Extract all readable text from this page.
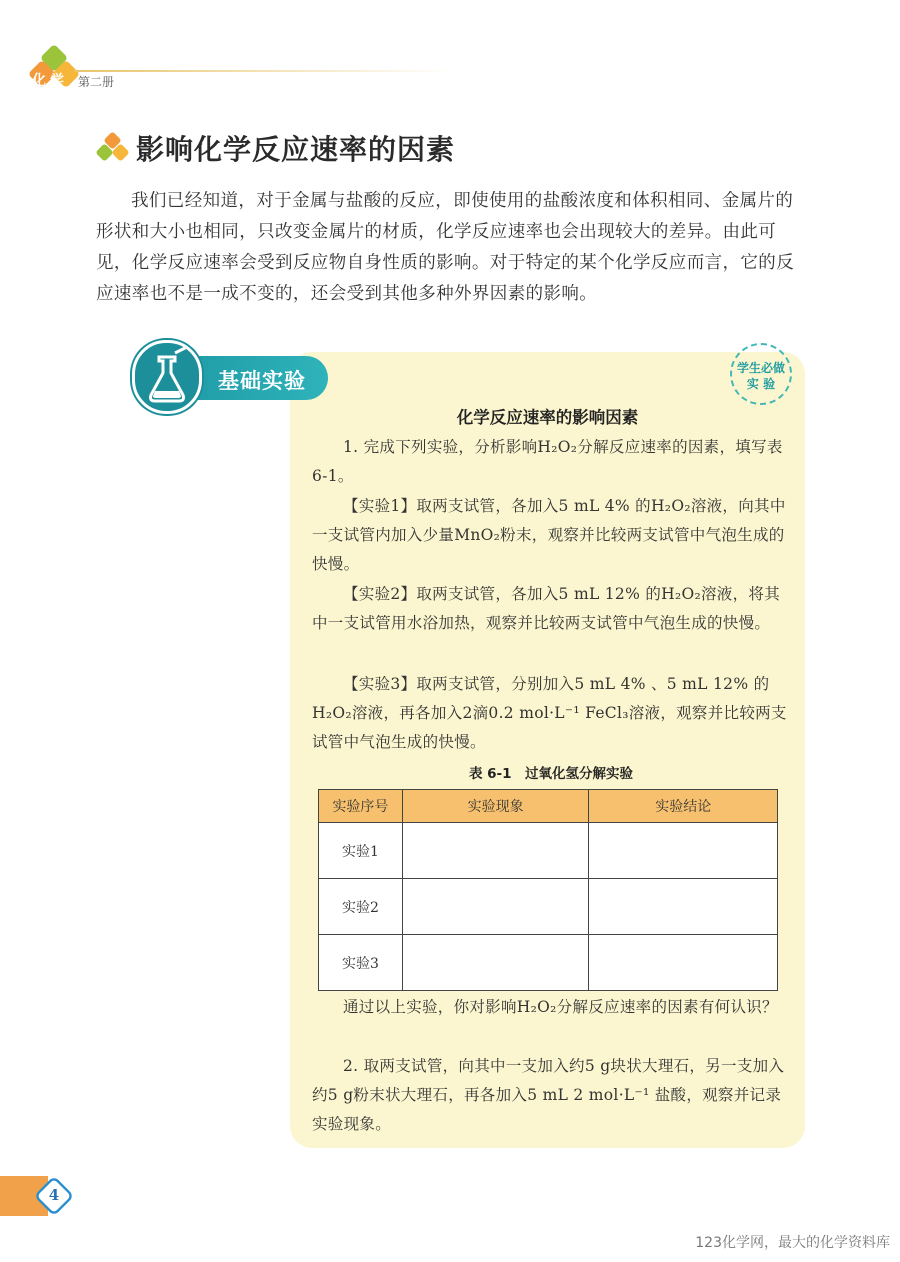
化学 第二册
影响化学反应速率的因素
我们已经知道，对于金属与盐酸的反应，即使使用的盐酸浓度和体积相同、金属片的形状和大小也相同，只改变金属片的材质，化学反应速率也会出现较大的差异。由此可见，化学反应速率会受到反应物自身性质的影响。对于特定的某个化学反应而言，它的反应速率也不是一成不变的，还会受到其他多种外界因素的影响。
基础实验
学生必做
实 验
化学反应速率的影响因素
1. 完成下列实验，分析影响H₂O₂分解反应速率的因素，填写表6-1。
【实验1】取两支试管，各加入5 mL 4% 的H₂O₂溶液，向其中一支试管内加入少量MnO₂粉末，观察并比较两支试管中气泡生成的快慢。
【实验2】取两支试管，各加入5 mL 12% 的H₂O₂溶液，将其中一支试管用水浴加热，观察并比较两支试管中气泡生成的快慢。
【实验3】取两支试管，分别加入5 mL 4% 、5 mL 12% 的H₂O₂溶液，再各加入2滴0.2 mol·L⁻¹ FeCl₃溶液，观察并比较两支试管中气泡生成的快慢。
表 6-1　过氧化氢分解实验
实验序号	实验现象	实验结论
实验1		
实验2		
实验3		
通过以上实验，你对影响H₂O₂分解反应速率的因素有何认识？
2. 取两支试管，向其中一支加入约5 g块状大理石，另一支加入约5 g粉末状大理石，再各加入5 mL 2 mol·L⁻¹ 盐酸，观察并记录实验现象。
4
123化学网，最大的化学资料库
